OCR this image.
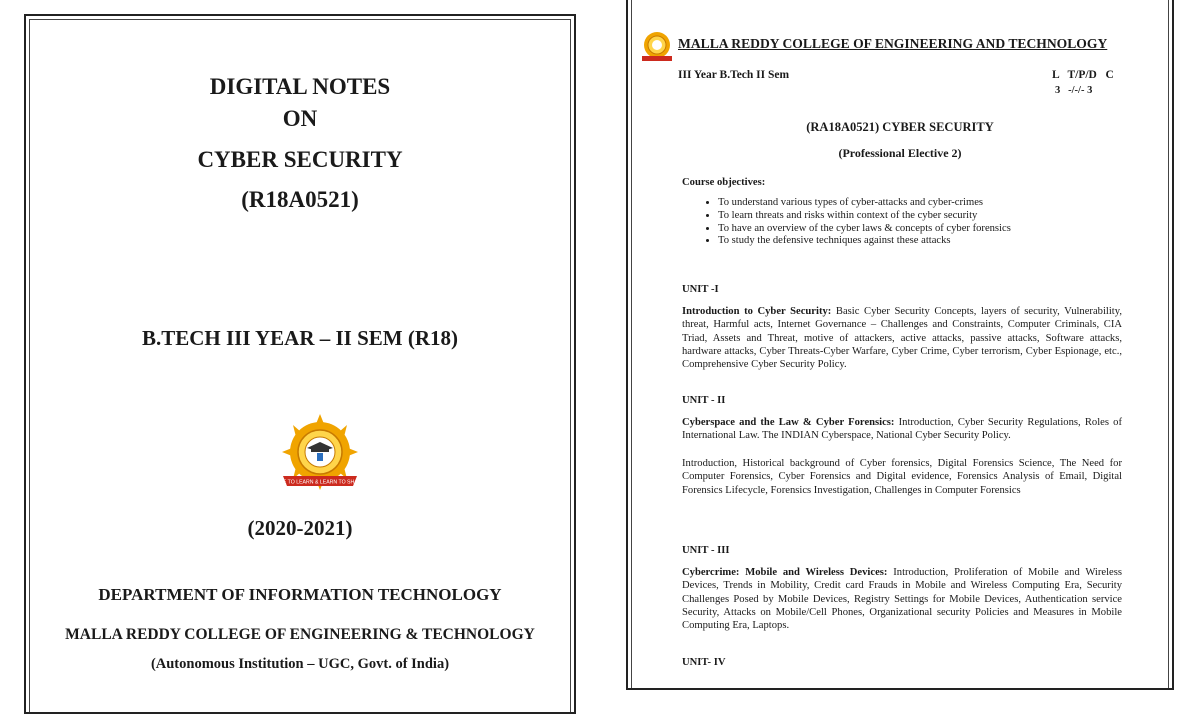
DIGITAL NOTES
ON
CYBER SECURITY
(R18A0521)
B.TECH III YEAR – II SEM (R18)
LIVE TO LEARN & LEARN TO SHARE
(2020-2021)
DEPARTMENT OF INFORMATION TECHNOLOGY
MALLA REDDY COLLEGE OF ENGINEERING & TECHNOLOGY
(Autonomous Institution – UGC, Govt. of India)
MALLA REDDY COLLEGE OF ENGINEERING AND TECHNOLOGY
III Year B.Tech II Sem	L   T/P/D   C
3   -/-/- 3
(RA18A0521) CYBER SECURITY
(Professional Elective 2)
Course objectives:
• To understand various types of cyber-attacks and cyber-crimes
• To learn threats and risks within context of the cyber security
• To have an overview of the cyber laws & concepts of cyber forensics
• To study the defensive techniques against these attacks
UNIT -I
Introduction to Cyber Security: Basic Cyber Security Concepts, layers of security, Vulnerability, threat, Harmful acts, Internet Governance – Challenges and Constraints, Computer Criminals, CIA Triad, Assets and Threat, motive of attackers, active attacks, passive attacks, Software attacks, hardware attacks, Cyber Threats-Cyber Warfare, Cyber Crime, Cyber terrorism, Cyber Espionage, etc., Comprehensive Cyber Security Policy.
UNIT - II
Cyberspace and the Law & Cyber Forensics: Introduction, Cyber Security Regulations, Roles of International Law. The INDIAN Cyberspace, National Cyber Security Policy.
Introduction, Historical background of Cyber forensics, Digital Forensics Science, The Need for Computer Forensics, Cyber Forensics and Digital evidence, Forensics Analysis of Email, Digital Forensics Lifecycle, Forensics Investigation, Challenges in Computer Forensics
UNIT - III
Cybercrime: Mobile and Wireless Devices: Introduction, Proliferation of Mobile and Wireless Devices, Trends in Mobility, Credit card Frauds in Mobile and Wireless Computing Era, Security Challenges Posed by Mobile Devices, Registry Settings for Mobile Devices, Authentication service Security, Attacks on Mobile/Cell Phones, Organizational security Policies and Measures in Mobile Computing Era, Laptops.
UNIT- IV
